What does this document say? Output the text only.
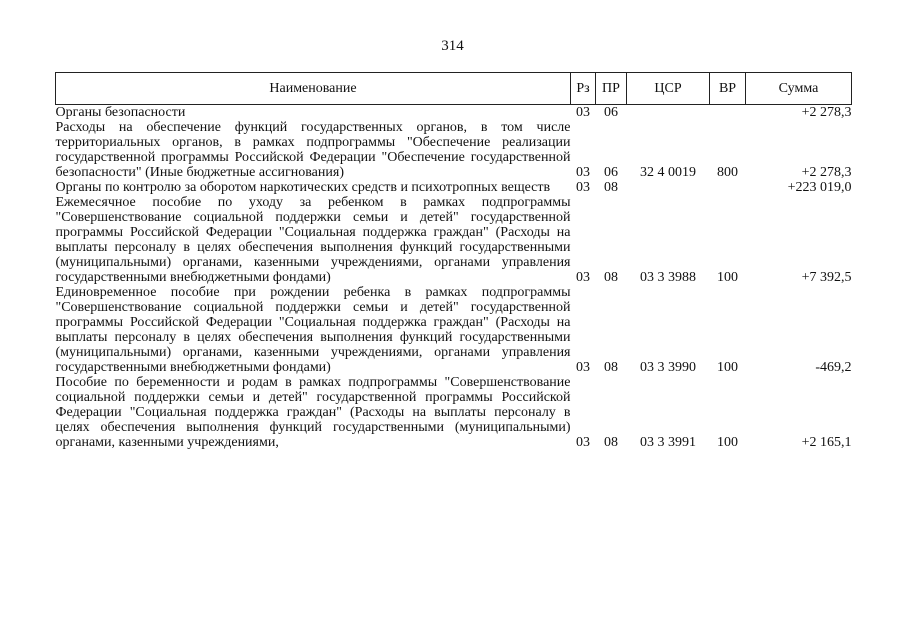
314
Наименование	Рз	ПР	ЦСР	ВР	Сумма
Органы безопасности	03	06			+2 278,3
Расходы на обеспечение функций государственных органов, в том числе территориальных органов, в рамках подпрограммы "Обеспечение реализации государственной программы Российской Федерации "Обеспечение государственной безопасности" (Иные бюджетные ассигнования)	03	06	32 4 0019	800	+2 278,3
Органы по контролю за оборотом наркотических средств и психотропных веществ	03	08			+223 019,0
Ежемесячное пособие по уходу за ребенком в рамках подпрограммы "Совершенствование социальной поддержки семьи и детей" государственной программы Российской Федерации "Социальная поддержка граждан" (Расходы на выплаты персоналу в целях обеспечения выполнения функций государственными (муниципальными) органами, казенными учреждениями, органами управления государственными внебюджетными фондами)	03	08	03 3 3988	100	+7 392,5
Единовременное пособие при рождении ребенка в рамках подпрограммы "Совершенствование социальной поддержки семьи и детей" государственной программы Российской Федерации "Социальная поддержка граждан" (Расходы на выплаты персоналу в целях обеспечения выполнения функций государственными (муниципальными) органами, казенными учреждениями, органами управления государственными внебюджетными фондами)	03	08	03 3 3990	100	-469,2
Пособие по беременности и родам в рамках подпрограммы "Совершенствование социальной поддержки семьи и детей" государственной программы Российской Федерации "Социальная поддержка граждан" (Расходы на выплаты персоналу в целях обеспечения выполнения функций государственными (муниципальными) органами, казенными учреждениями,	03	08	03 3 3991	100	+2 165,1
